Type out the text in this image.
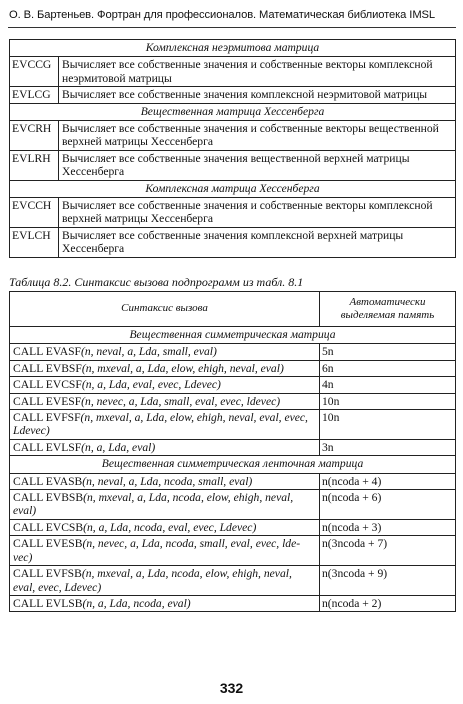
О. В. Бартеньев. Фортран для профессионалов. Математическая библиотека IMSL
Комплексная неэрмитова матрица	
EVCCG	Вычисляет все собственные значения и собственные векторы комплексной неэрмитовой матрицы
EVLCG	Вычисляет все собственные значения комплексной неэрмитовой матрицы
Вещественная матрица Хессенберга	
EVCRH	Вычисляет все собственные значения и собственные векторы вещественной верхней матрицы Хессенберга
EVLRH	Вычисляет все собственные значения вещественной верхней матрицы Хессенберга
Комплексная матрица Хессенберга	
EVCCH	Вычисляет все собственные значения и собственные векторы комплексной верхней матрицы Хессенберга
EVLCH	Вычисляет все собственные значения комплексной верхней матрицы Хессенберга
Таблица 8.2. Синтаксис вызова подпрограмм из табл. 8.1
Синтаксис вызова	Автоматически выделяемая память
Вещественная симметрическая матрица	
CALL EVASF(n, neval, a, Lda, small, eval)	5n
CALL EVBSF(n, mxeval, a, Lda, elow, ehigh, neval, eval)	6n
CALL EVCSF(n, a, Lda, eval, evec, Ldevec)	4n
CALL EVESF(n, nevec, a, Lda, small, eval, evec, ldevec)	10n
CALL EVFSF(n, mxeval, a, Lda, elow, ehigh, neval, eval, evec, Ldevec)	10n
CALL EVLSF(n, a, Lda, eval)	3n
Вещественная симметрическая ленточная матрица	
CALL EVASB(n, neval, a, Lda, ncoda, small, eval)	n(ncoda + 4)
CALL EVBSB(n, mxeval, a, Lda, ncoda, elow, ehigh, neval, eval)	n(ncoda + 6)
CALL EVCSB(n, a, Lda, ncoda, eval, evec, Ldevec)	n(ncoda + 3)
CALL EVESB(n, nevec, a, Lda, ncoda, small, eval, evec, lde-vec)	n(3ncoda + 7)
CALL EVFSB(n, mxeval, a, Lda, ncoda, elow, ehigh, neval, eval, evec, Ldevec)	n(3ncoda + 9)
CALL EVLSB(n, a, Lda, ncoda, eval)	n(ncoda + 2)
332
